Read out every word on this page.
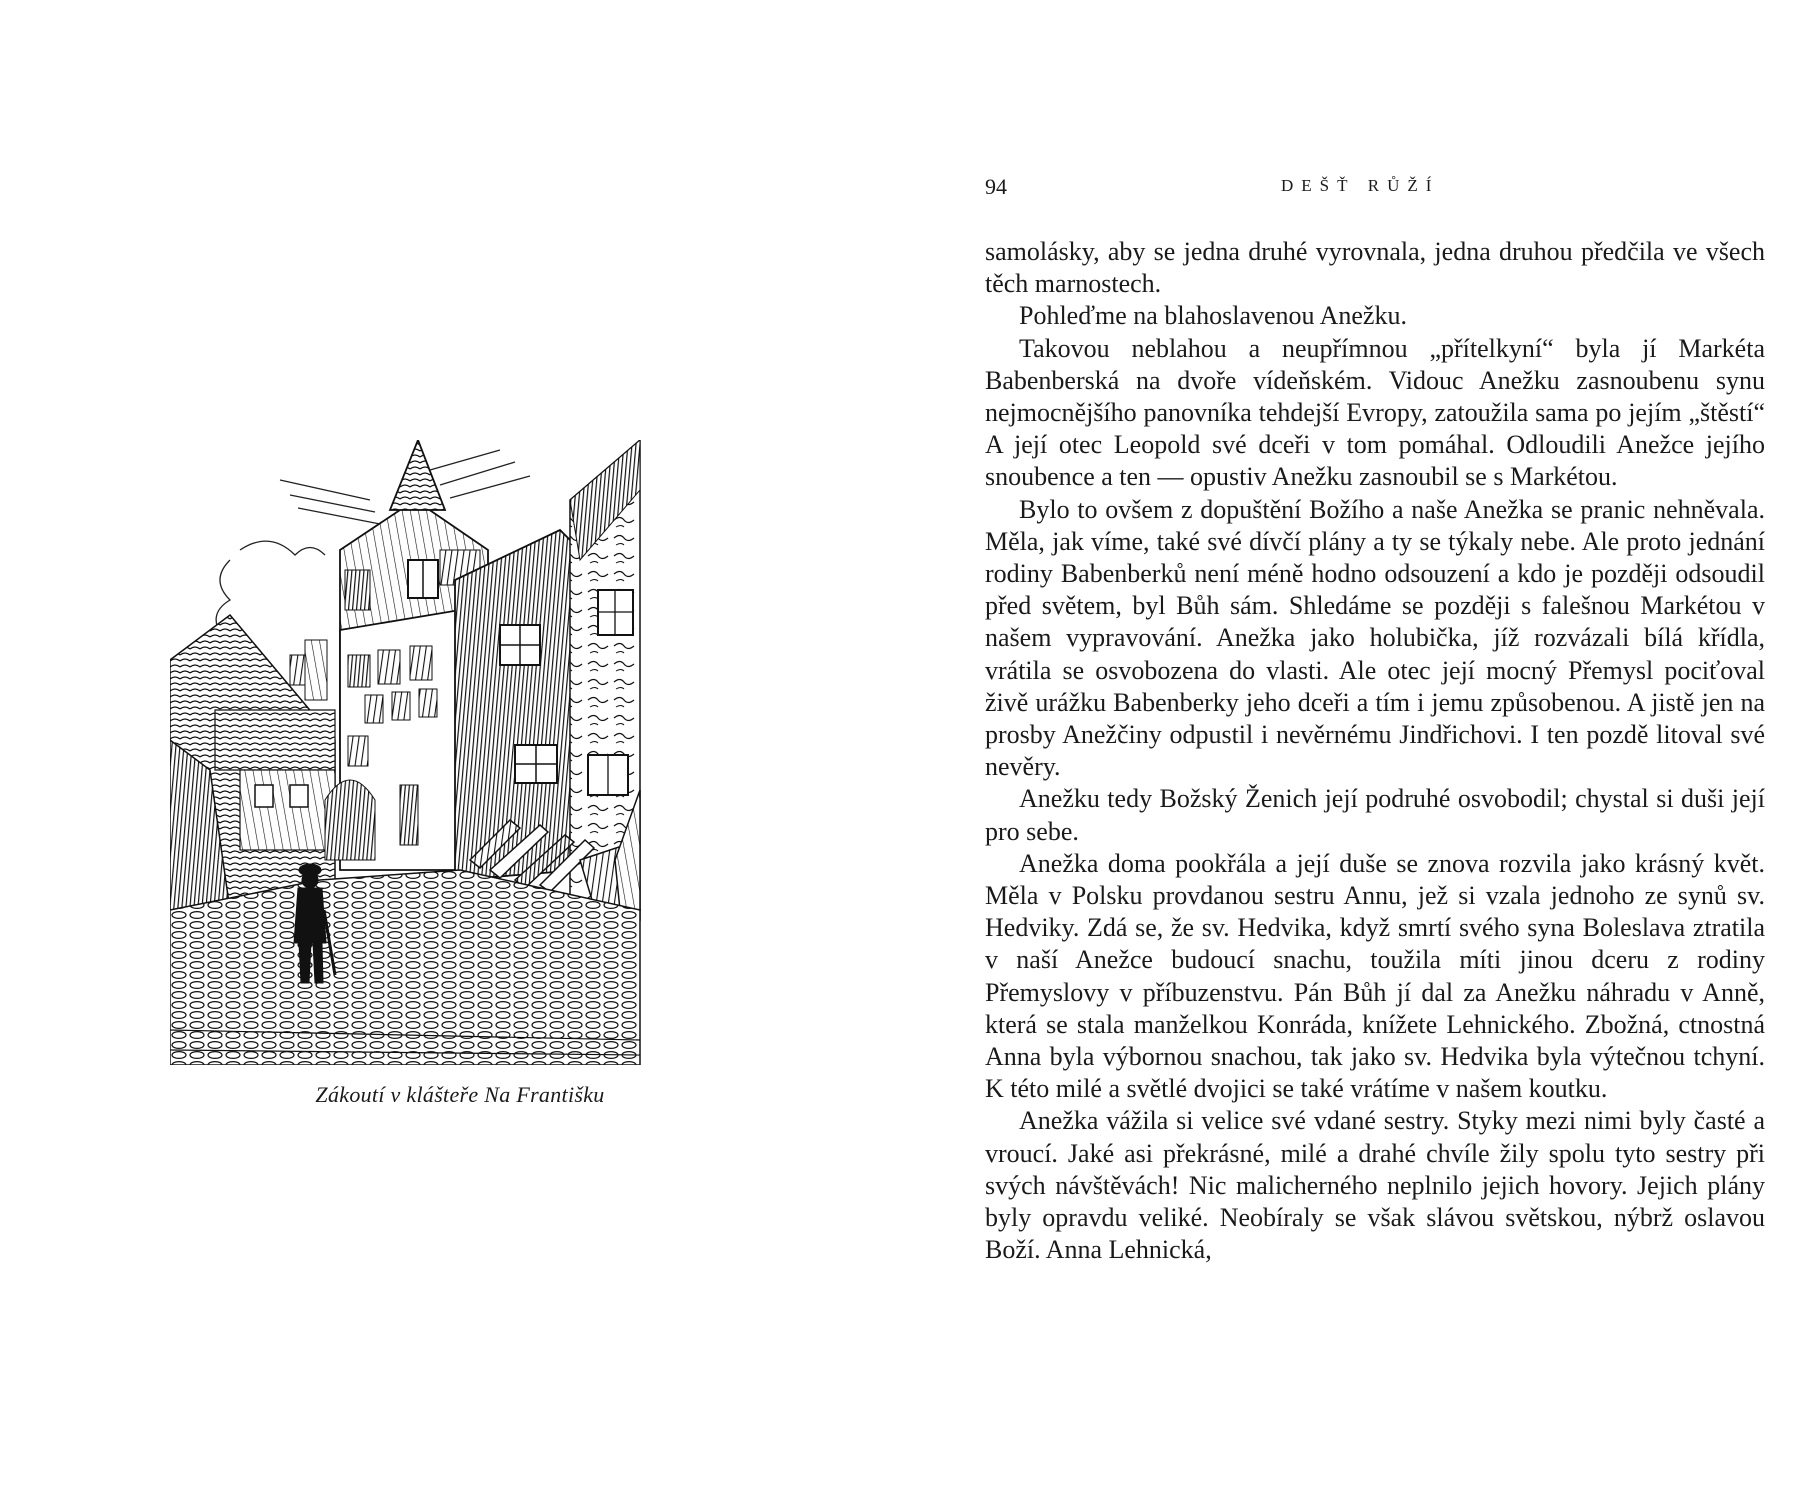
Zákoutí v klášteře Na Františku
94	DEŠŤ RŮŽÍ

samolásky, aby se jedna druhé vyrovnala, jedna druhou předčila ve všech těch marnostech.

Pohleďme na blahoslavenou Anežku.

Takovou neblahou a neupřímnou „přítelkyní“ byla jí Markéta Babenberská na dvoře vídeňském. Vidouc Anežku zasnoubenu synu nejmocnějšího panovníka tehdejší Evropy, zatoužila sama po jejím „štěstí“ A její otec Leopold své dceři v tom pomáhal. Odloudili Anežce jejího snoubence a ten — opustiv Anežku zasnoubil se s Markétou.

Bylo to ovšem z dopuštění Božího a naše Anežka se pranic nehněvala. Měla, jak víme, také své dívčí plány a ty se týkaly nebe. Ale proto jednání rodiny Babenberků není méně hodno odsouzení a kdo je později odsoudil před světem, byl Bůh sám. Shledáme se později s falešnou Markétou v našem vypravování. Anežka jako holubička, jíž rozvázali bílá křídla, vrátila se osvobozena do vlasti. Ale otec její mocný Přemysl pociťoval živě urážku Babenberky jeho dceři a tím i jemu způsobenou. A jistě jen na prosby Anežčiny odpustil i nevěrnému Jindřichovi. I ten pozdě litoval své nevěry.

Anežku tedy Božský Ženich její podruhé osvobodil; chystal si duši její pro sebe.

Anežka doma pookřála a její duše se znova rozvila jako krásný květ. Měla v Polsku provdanou sestru Annu, jež si vzala jednoho ze synů sv. Hedviky. Zdá se, že sv. Hedvika, když smrtí svého syna Boleslava ztratila v naší Anežce budoucí snachu, toužila míti jinou dceru z rodiny Přemyslovy v příbuzenstvu. Pán Bůh jí dal za Anežku náhradu v Anně, která se stala manželkou Konráda, knížete Lehnického. Zbožná, ctnostná Anna byla výbornou snachou, tak jako sv. Hedvika byla výtečnou tchyní. K této milé a světlé dvojici se také vrátíme v našem koutku.

Anežka vážila si velice své vdané sestry. Styky mezi nimi byly časté a vroucí. Jaké asi překrásné, milé a drahé chvíle žily spolu tyto sestry při svých návštěvách! Nic malicherného neplnilo jejich hovory. Jejich plány byly opravdu veliké. Neobíraly se však slávou světskou, nýbrž oslavou Boží. Anna Lehnická,
